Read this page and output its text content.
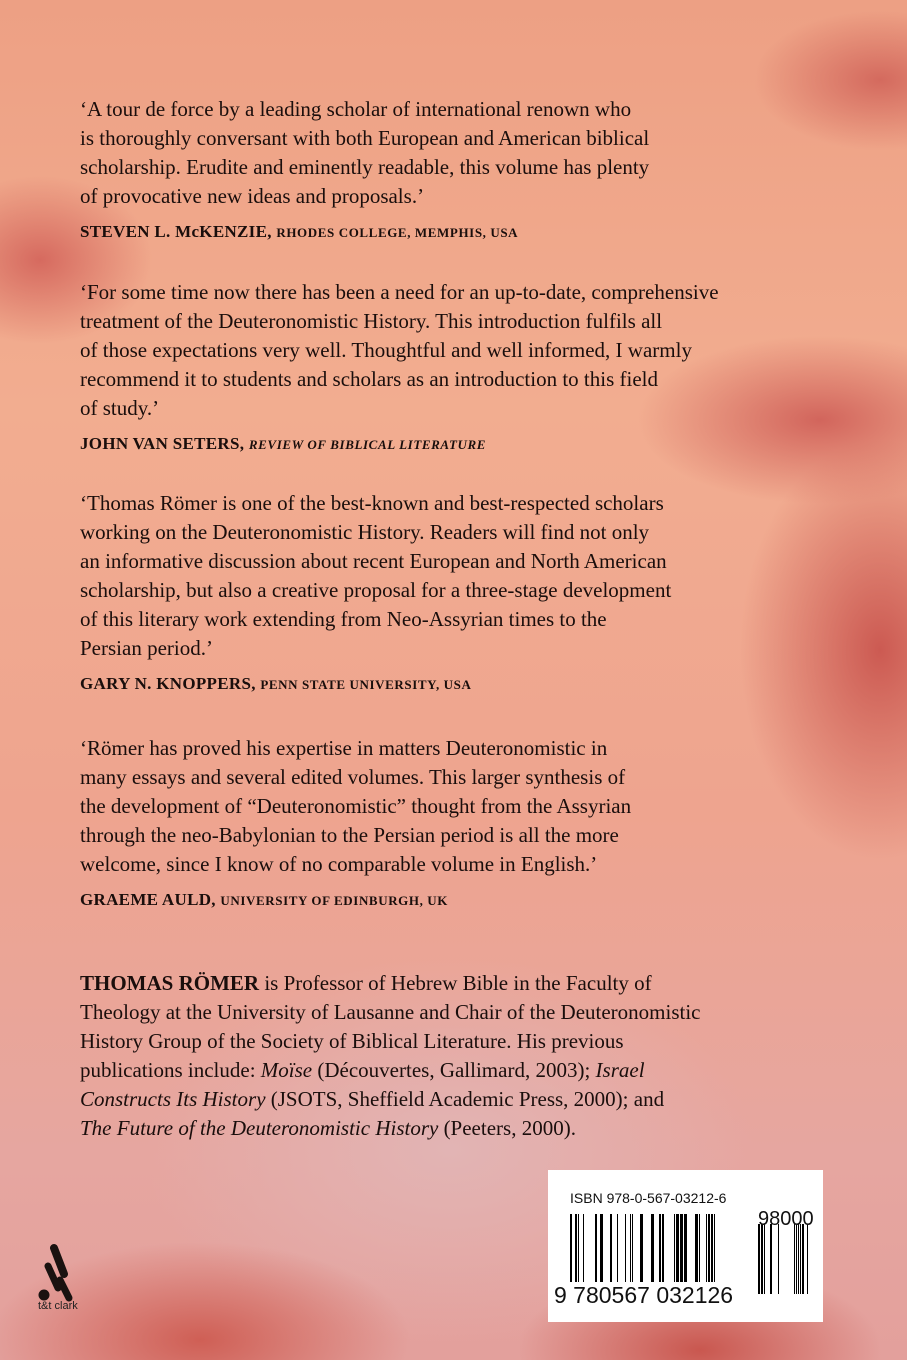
‘A tour de force by a leading scholar of international renown who
is thoroughly conversant with both European and American biblical
scholarship. Erudite and eminently readable, this volume has plenty
of provocative new ideas and proposals.’
STEVEN L. McKENZIE, RHODES COLLEGE, MEMPHIS, USA
‘For some time now there has been a need for an up-to-date, comprehensive
treatment of the Deuteronomistic History. This introduction fulfils all
of those expectations very well. Thoughtful and well informed, I warmly
recommend it to students and scholars as an introduction to this field
of study.’
JOHN VAN SETERS, REVIEW OF BIBLICAL LITERATURE
‘Thomas Römer is one of the best-known and best-respected scholars
working on the Deuteronomistic History. Readers will find not only
an informative discussion about recent European and North American
scholarship, but also a creative proposal for a three-stage development
of this literary work extending from Neo-Assyrian times to the
Persian period.’
GARY N. KNOPPERS, PENN STATE UNIVERSITY, USA
‘Römer has proved his expertise in matters Deuteronomistic in
many essays and several edited volumes. This larger synthesis of
the development of “Deuteronomistic” thought from the Assyrian
through the neo-Babylonian to the Persian period is all the more
welcome, since I know of no comparable volume in English.’
GRAEME AULD, UNIVERSITY OF EDINBURGH, UK
THOMAS RÖMER is Professor of Hebrew Bible in the Faculty of
Theology at the University of Lausanne and Chair of the Deuteronomistic
History Group of the Society of Biblical Literature. His previous
publications include: Moïse (Découvertes, Gallimard, 2003); Israel
Constructs Its History (JSOTS, Sheffield Academic Press, 2000); and
The Future of the Deuteronomistic History (Peeters, 2000).
t&t clark
ISBN 978-0-567-03212-6
98000
9 780567 032126
